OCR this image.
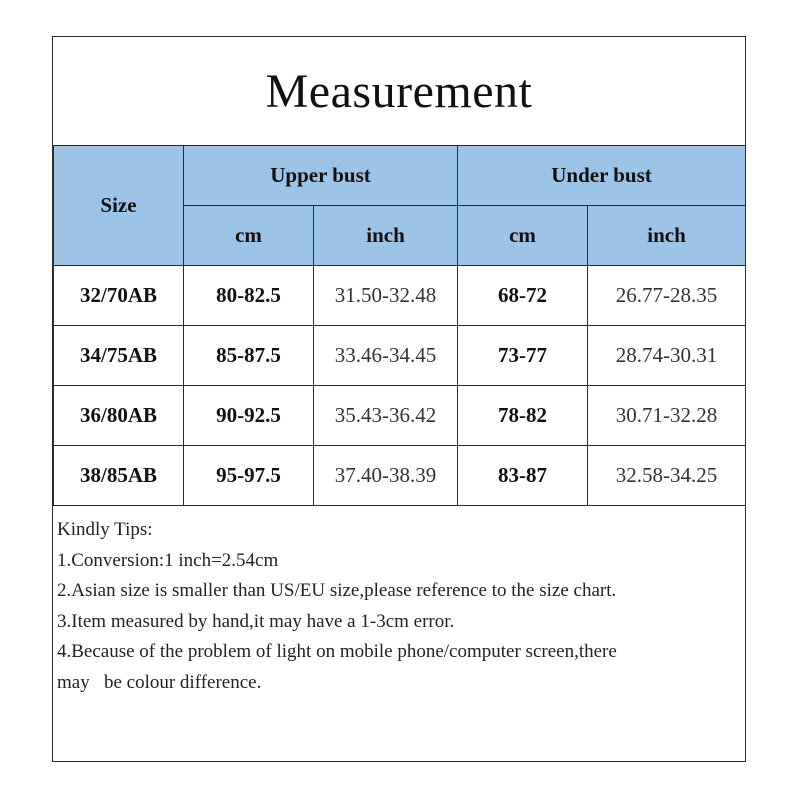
Measurement
Size	Upper bust		Under bust	
	cm	inch	cm	inch
32/70AB	80-82.5	31.50-32.48	68-72	26.77-28.35
34/75AB	85-87.5	33.46-34.45	73-77	28.74-30.31
36/80AB	90-92.5	35.43-36.42	78-82	30.71-32.28
38/85AB	95-97.5	37.40-38.39	83-87	32.58-34.25
Kindly Tips:
1.Conversion:1 inch=2.54cm
2.Asian size is smaller than US/EU size,please reference to the size chart.
3.Item measured by hand,it may have a 1-3cm error.
4.Because of the problem of light on mobile phone/computer screen,there
may   be colour difference.
